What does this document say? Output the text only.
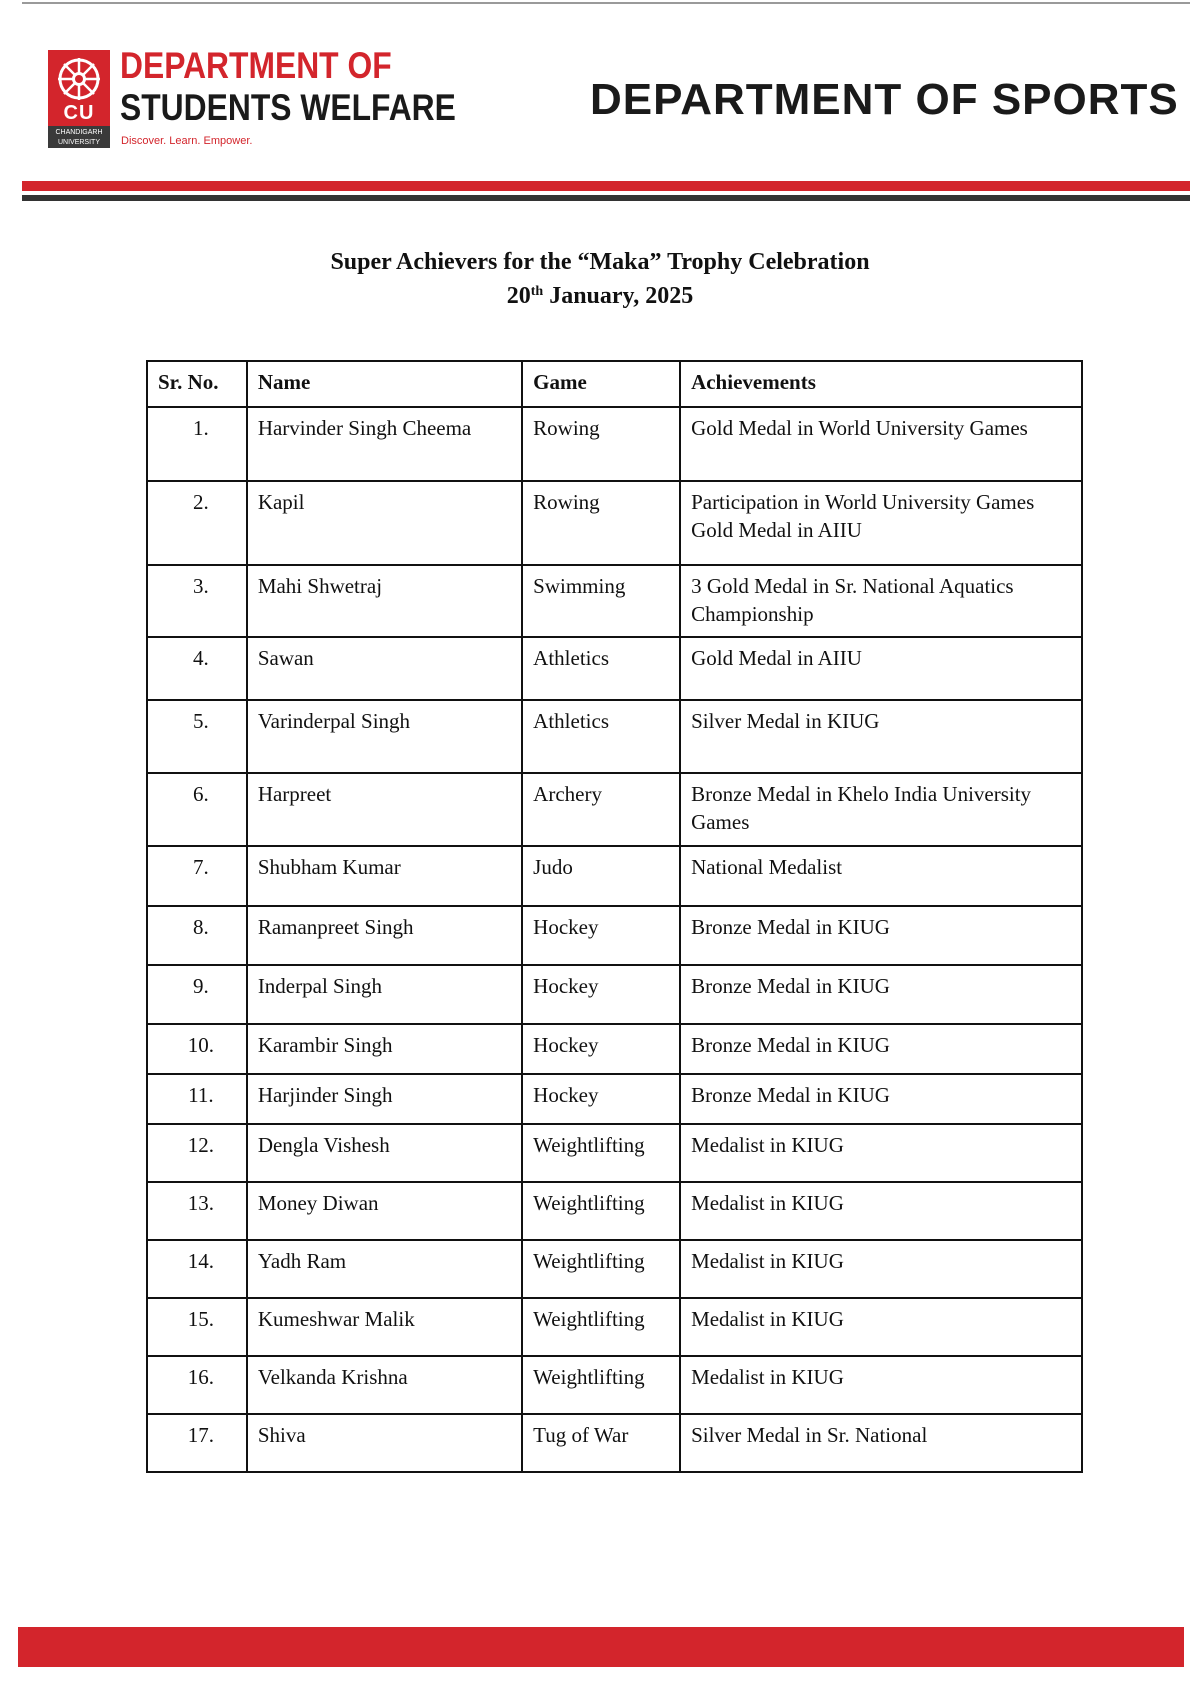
CU
CHANDIGARH UNIVERSITY
DEPARTMENT OF
STUDENTS WELFARE
Discover. Learn. Empower.
DEPARTMENT OF SPORTS
Super Achievers for the “Maka” Trophy Celebration
20th January, 2025
Sr. No.	Name	Game	Achievements
1.	Harvinder Singh Cheema	Rowing	Gold Medal in World University Games

2.	Kapil	Rowing	Participation in World University Games
Gold Medal in AIIU

3.	Mahi Shwetraj	Swimming	3 Gold Medal in Sr. National Aquatics Championship

4.	Sawan	Athletics	Gold Medal in AIIU

5.	Varinderpal Singh	Athletics	Silver Medal in KIUG

6.	Harpreet	Archery	Bronze Medal in Khelo India University Games

7.	Shubham Kumar	Judo	National Medalist

8.	Ramanpreet Singh	Hockey	Bronze Medal in KIUG

9.	Inderpal Singh	Hockey	Bronze Medal in KIUG

10.	Karambir Singh	Hockey	Bronze Medal in KIUG

11.	Harjinder Singh	Hockey	Bronze Medal in KIUG

12.	Dengla Vishesh	Weightlifting	Medalist in KIUG

13.	Money Diwan	Weightlifting	Medalist in KIUG

14.	Yadh Ram	Weightlifting	Medalist in KIUG

15.	Kumeshwar Malik	Weightlifting	Medalist in KIUG

16.	Velkanda Krishna	Weightlifting	Medalist in KIUG

17.	Shiva	Tug of War	Silver Medal in Sr. National
